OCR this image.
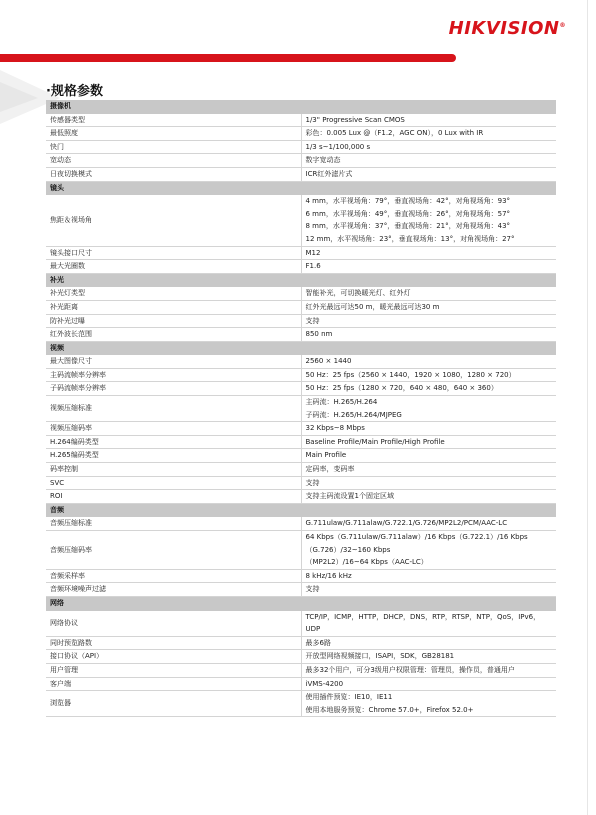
HIKVISION®
·规格参数
摄像机	
传感器类型	1/3" Progressive Scan CMOS

最低照度	彩色：0.005 Lux @（F1.2，AGC ON），0 Lux with IR

快门	1/3 s~1/100,000 s

宽动态	数字宽动态

日夜切换模式	ICR红外滤片式

镜头	
焦距＆视场角	4 mm，水平视场角：79°，垂直视场角：42°，对角视场角：93°
6 mm，水平视场角：49°，垂直视场角：26°，对角视场角：57°
8 mm，水平视场角：37°，垂直视场角：21°，对角视场角：43°
12 mm，水平视场角：23°，垂直视场角：13°，对角视场角：27°

镜头接口尺寸	M12

最大光圈数	F1.6

补光	
补光灯类型	智能补光，可切换暖光灯、红外灯

补光距离	红外光最远可达50 m，暖光最远可达30 m

防补光过曝	支持

红外波长范围	850 nm

视频	
最大图像尺寸	2560 × 1440

主码流帧率分辨率	50 Hz：25 fps（2560 × 1440，1920 × 1080，1280 × 720）

子码流帧率分辨率	50 Hz：25 fps（1280 × 720，640 × 480，640 × 360）

视频压缩标准	主码流：H.265/H.264
子码流：H.265/H.264/MJPEG

视频压缩码率	32 Kbps~8 Mbps

H.264编码类型	Baseline Profile/Main Profile/High Profile

H.265编码类型	Main Profile

码率控制	定码率，变码率

SVC	支持

ROI	支持主码流设置1个固定区域

音频	
音频压缩标准	G.711ulaw/G.711alaw/G.722.1/G.726/MP2L2/PCM/AAC-LC

音频压缩码率	64 Kbps（G.711ulaw/G.711alaw）/16 Kbps（G.722.1）/16 Kbps（G.726）/32~160 Kbps
（MP2L2）/16~64 Kbps（AAC-LC）

音频采样率	8 kHz/16 kHz

音频环境噪声过滤	支持

网络	
网络协议	TCP/IP，ICMP，HTTP，DHCP，DNS，RTP，RTSP，NTP，QoS，IPv6，UDP

同时预览路数	最多6路

接口协议（API）	开放型网络视频接口，ISAPI，SDK，GB28181

用户管理	最多32个用户，可分3级用户权限管理：管理员，操作员，普通用户

客户端	iVMS-4200

浏览器	使用插件预览：IE10，IE11
使用本地服务预览：Chrome 57.0+，Firefox 52.0+
